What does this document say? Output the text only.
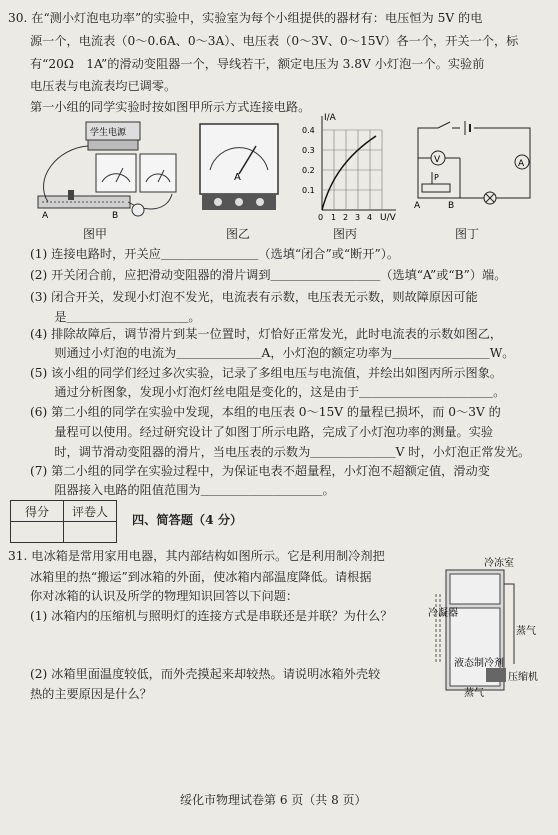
30. 在“测小灯泡电功率”的实验中，实验室为每个小组提供的器材有：电压恒为 5V 的电
源一个，电流表（0～0.6A、0～3A）、电压表（0～3V、0～15V）各一个，开关一个，标
有“20Ω　1A”的滑动变阻器一个，导线若干，额定电压为 3.8V 小灯泡一个。实验前
电压表与电流表均已调零。
第一小组的同学实验时按如图甲所示方式连接电路。
学生电源
A	B
图甲
A
图乙
I/A
U/V
0.4
0.3
0.2
0.1
0 1 2 3 4
图丙
A
V
P
A	B
图丁
(1) 连接电路时，开关应＿＿＿＿＿＿＿＿（选填“闭合”或“断开”）。
(2) 开关闭合前，应把滑动变阻器的滑片调到＿＿＿＿＿＿＿＿＿（选填“A”或“B”）端。
(3) 闭合开关，发现小灯泡不发光，电流表有示数，电压表无示数，则故障原因可能
　　是＿＿＿＿＿＿＿＿＿＿。
(4) 排除故障后，调节滑片到某一位置时，灯恰好正常发光，此时电流表的示数如图乙，
　　则通过小灯泡的电流为＿＿＿＿＿＿＿A，小灯泡的额定功率为＿＿＿＿＿＿＿＿W。
(5) 该小组的同学们经过多次实验，记录了多组电压与电流值，并绘出如图丙所示图象。
　　通过分析图象，发现小灯泡灯丝电阻是变化的，这是由于＿＿＿＿＿＿＿＿＿＿＿。
(6) 第二小组的同学在实验中发现，本组的电压表 0～15V 的量程已损坏，而 0～3V 的
　　量程可以使用。经过研究设计了如图丁所示电路，完成了小灯泡功率的测量。实验
　　时，调节滑动变阻器的滑片，当电压表的示数为＿＿＿＿＿＿＿V 时，小灯泡正常发光。
(7) 第二小组的同学在实验过程中，为保证电表不超量程，小灯泡不超额定值，滑动变
　　阻器接入电路的阻值范围为＿＿＿＿＿＿＿＿＿＿。
得分	评卷人

四、简答题（4 分）
31. 电冰箱是常用家用电器，其内部结构如图所示。它是利用制冷剂把
冰箱里的热“搬运”到冰箱的外面，使冰箱内部温度降低。请根据
你对冰箱的认识及所学的物理知识回答以下问题：
(1) 冰箱内的压缩机与照明灯的连接方式是串联还是并联？为什么？
(2) 冰箱里面温度较低，而外壳摸起来却较热。请说明冰箱外壳较
热的主要原因是什么？
冷冻室
冷凝器
蒸气
液态制冷剂
压缩机
蒸气
绥化市物理试卷第 6 页（共 8 页）
